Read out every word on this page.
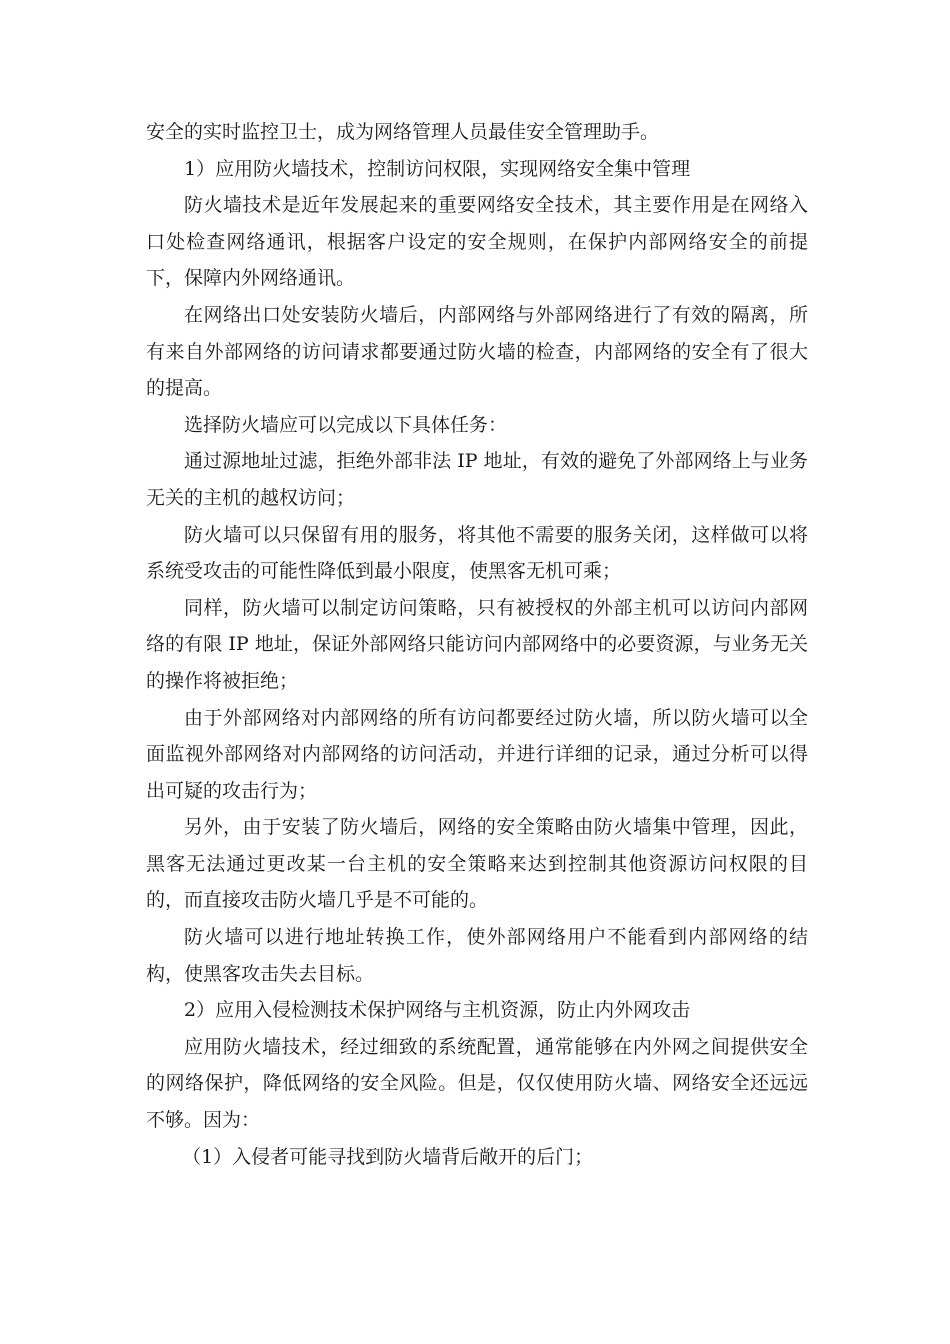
安全的实时监控卫士，成为网络管理人员最佳安全管理助手。

1）应用防火墙技术，控制访问权限，实现网络安全集中管理

防火墙技术是近年发展起来的重要网络安全技术，其主要作用是在网络入口处检查网络通讯，根据客户设定的安全规则，在保护内部网络安全的前提下，保障内外网络通讯。

在网络出口处安装防火墙后，内部网络与外部网络进行了有效的隔离，所有来自外部网络的访问请求都要通过防火墙的检查，内部网络的安全有了很大的提高。

选择防火墙应可以完成以下具体任务：

通过源地址过滤，拒绝外部非法 IP 地址，有效的避免了外部网络上与业务无关的主机的越权访问；

防火墙可以只保留有用的服务，将其他不需要的服务关闭，这样做可以将系统受攻击的可能性降低到最小限度，使黑客无机可乘；

同样，防火墙可以制定访问策略，只有被授权的外部主机可以访问内部网络的有限 IP 地址，保证外部网络只能访问内部网络中的必要资源，与业务无关的操作将被拒绝；

由于外部网络对内部网络的所有访问都要经过防火墙，所以防火墙可以全面监视外部网络对内部网络的访问活动，并进行详细的记录，通过分析可以得出可疑的攻击行为；

另外，由于安装了防火墙后，网络的安全策略由防火墙集中管理，因此，黑客无法通过更改某一台主机的安全策略来达到控制其他资源访问权限的目的，而直接攻击防火墙几乎是不可能的。

防火墙可以进行地址转换工作，使外部网络用户不能看到内部网络的结构，使黑客攻击失去目标。

2）应用入侵检测技术保护网络与主机资源，防止内外网攻击

应用防火墙技术，经过细致的系统配置，通常能够在内外网之间提供安全的网络保护，降低网络的安全风险。但是，仅仅使用防火墙、网络安全还远远不够。因为：

（1）入侵者可能寻找到防火墙背后敞开的后门；
